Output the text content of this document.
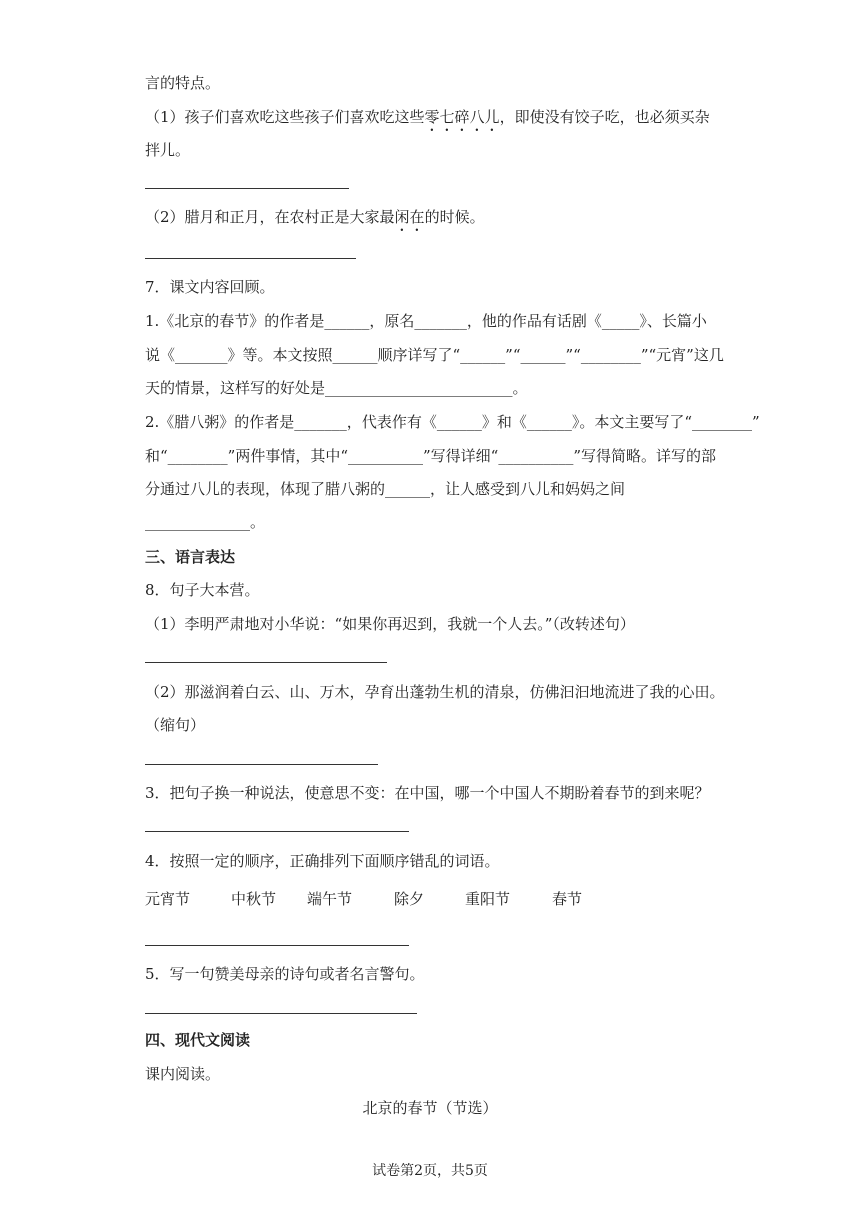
言的特点。
（1）孩子们喜欢吃这些孩子们喜欢吃这些零七碎八儿，即使没有饺子吃，也必须买杂
拌儿。
（2）腊月和正月，在农村正是大家最闲在的时候。
7．课文内容回顾。
1.《北京的春节》的作者是______，原名_______，他的作品有话剧《_____》、长篇小
说《_______》等。本文按照______顺序详写了“______”“______”“________”“元宵”这几
天的情景，这样写的好处是_________________________。
2.《腊八粥》的作者是_______，代表作有《______》和《______》。本文主要写了“________”
和“________”两件事情，其中“__________”写得详细“__________”写得简略。详写的部
分通过八儿的表现，体现了腊八粥的______，让人感受到八儿和妈妈之间
______________。
三、语言表达
8．句子大本营。
（1）李明严肃地对小华说：“如果你再迟到，我就一个人去。”（改转述句）
（2）那滋润着白云、山、万木，孕育出蓬勃生机的清泉，仿佛汩汩地流进了我的心田。
（缩句）
3．把句子换一种说法，使意思不变：在中国，哪一个中国人不期盼着春节的到来呢？
4．按照一定的顺序，正确排列下面顺序错乱的词语。
元宵节	中秋节 端午节	除夕	重阳节	春节
5．写一句赞美母亲的诗句或者名言警句。
四、现代文阅读
课内阅读。
北京的春节（节选）
试卷第2页，共5页
